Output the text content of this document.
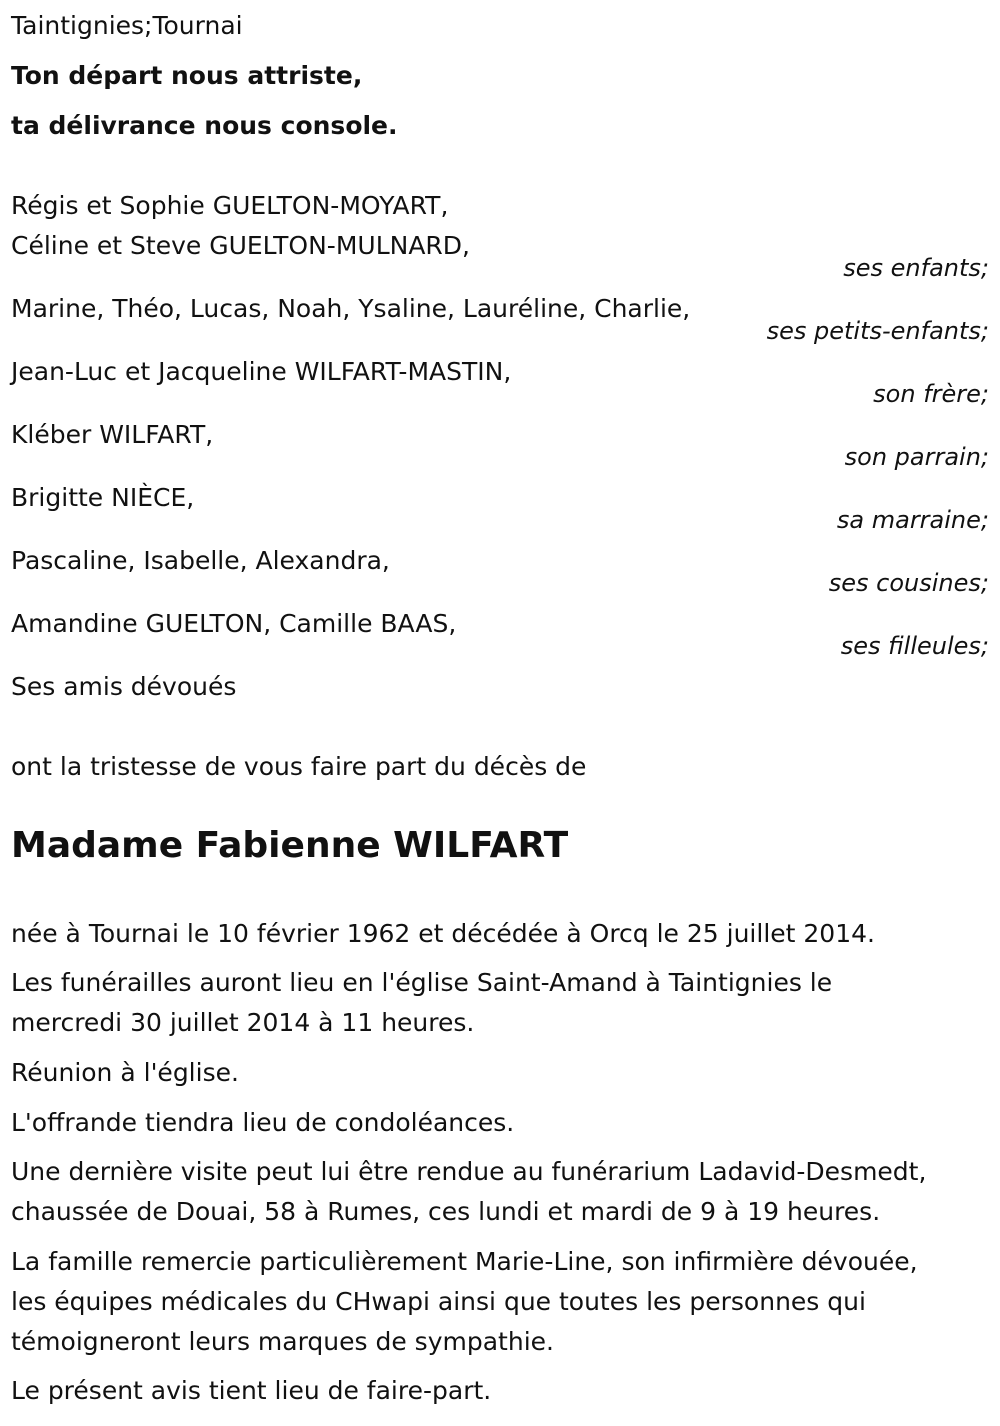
Taintignies;Tournai
Ton départ nous attriste,
ta délivrance nous console.
Régis et Sophie GUELTON-MOYART,
Céline et Steve GUELTON-MULNARD,
ses enfants;
Marine, Théo, Lucas, Noah, Ysaline, Lauréline, Charlie,
ses petits-enfants;
Jean-Luc et Jacqueline WILFART-MASTIN,
son frère;
Kléber WILFART,
son parrain;
Brigitte NIÈCE,
sa marraine;
Pascaline, Isabelle, Alexandra,
ses cousines;
Amandine GUELTON, Camille BAAS,
ses filleules;
Ses amis dévoués
ont la tristesse de vous faire part du décès de
Madame Fabienne WILFART
née à Tournai le 10 février 1962 et décédée à Orcq le 25 juillet 2014.
Les funérailles auront lieu en l'église Saint-Amand à Taintignies le
mercredi 30 juillet 2014 à 11 heures.
Réunion à l'église.
L'offrande tiendra lieu de condoléances.
Une dernière visite peut lui être rendue au funérarium Ladavid-Desmedt,
chaussée de Douai, 58 à Rumes, ces lundi et mardi de 9 à 19 heures.
La famille remercie particulièrement Marie-Line, son infirmière dévouée,
les équipes médicales du CHwapi ainsi que toutes les personnes qui
témoigneront leurs marques de sympathie.
Le présent avis tient lieu de faire-part.
